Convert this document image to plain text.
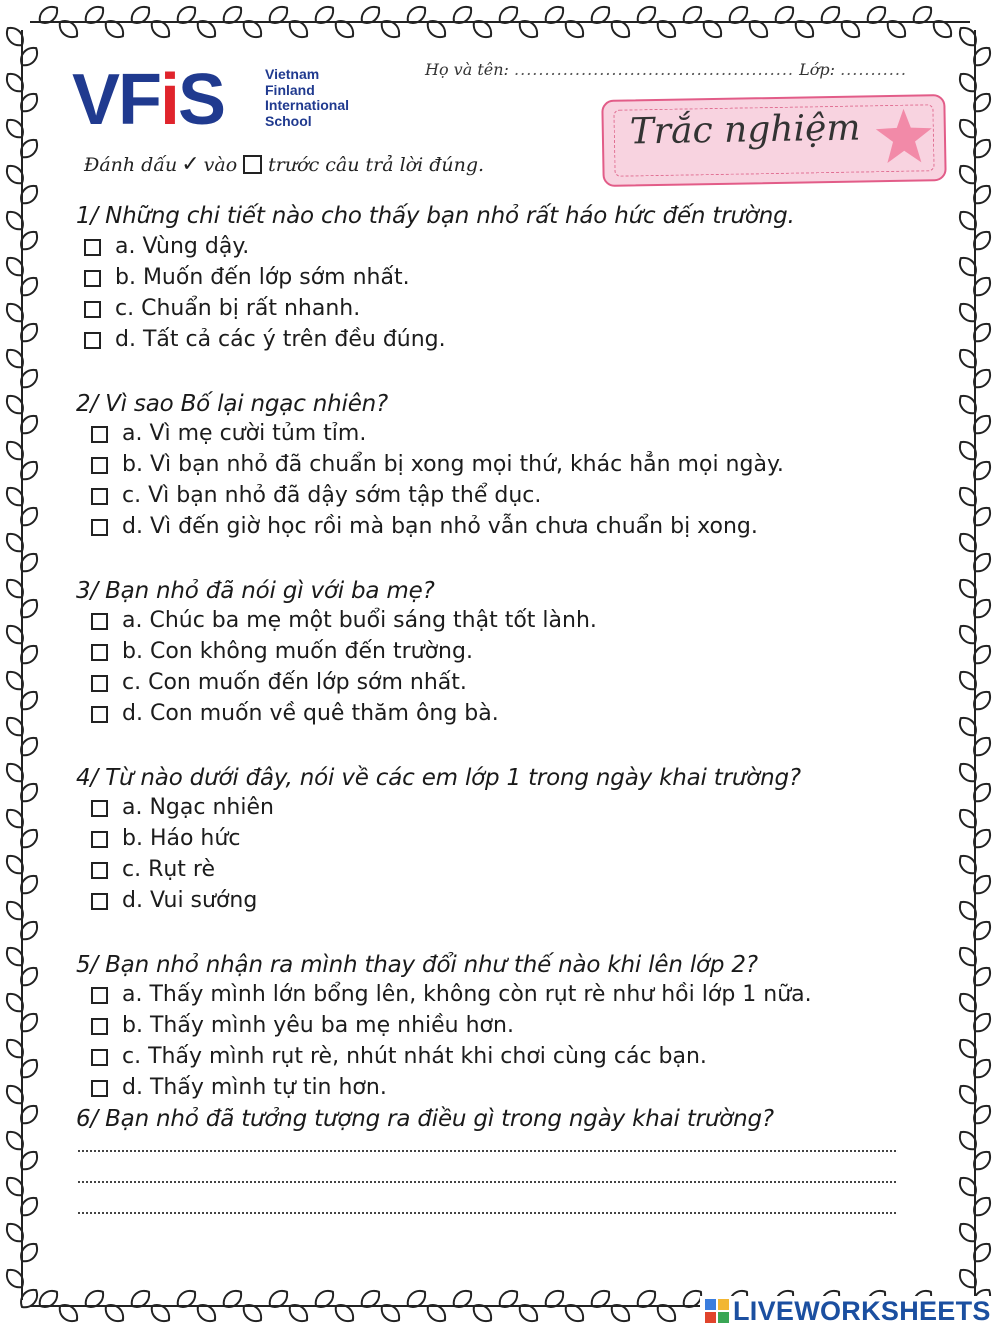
VFiS	Vietnam
Finland
International
School
Họ và tên: .............................................. Lớp: ...........
Trắc nghiệm
Đánh dấu ✓ vào trước câu trả lời đúng.
1/ Những chi tiết nào cho thấy bạn nhỏ rất háo hức đến trường.
a. Vùng dậy.
b. Muốn đến lớp sớm nhất.
c. Chuẩn bị rất nhanh.
d. Tất cả các ý trên đều đúng.
2/ Vì sao Bố lại ngạc nhiên?
a. Vì mẹ cười tủm tỉm.
b. Vì bạn nhỏ đã chuẩn bị xong mọi thứ, khác hẳn mọi ngày.
c. Vì bạn nhỏ đã dậy sớm tập thể dục.
d. Vì đến giờ học rồi mà bạn nhỏ vẫn chưa chuẩn bị xong.
3/ Bạn nhỏ đã nói gì với ba mẹ?
a. Chúc ba mẹ một buổi sáng thật tốt lành.
b. Con không muốn đến trường.
c. Con muốn đến lớp sớm nhất.
d. Con muốn về quê thăm ông bà.
4/ Từ nào dưới đây, nói về các em lớp 1 trong ngày khai trường?
a. Ngạc nhiên
b. Háo hức
c. Rụt rè
d. Vui sướng
5/ Bạn nhỏ nhận ra mình thay đổi như thế nào khi lên lớp 2?
a. Thấy mình lớn bổng lên, không còn rụt rè như hồi lớp 1 nữa.
b. Thấy mình yêu ba mẹ nhiều hơn.
c. Thấy mình rụt rè, nhút nhát khi chơi cùng các bạn.
d. Thấy mình tự tin hơn.
6/ Bạn nhỏ đã tưởng tượng ra điều gì trong ngày khai trường?
LIVEWORKSHEETS
